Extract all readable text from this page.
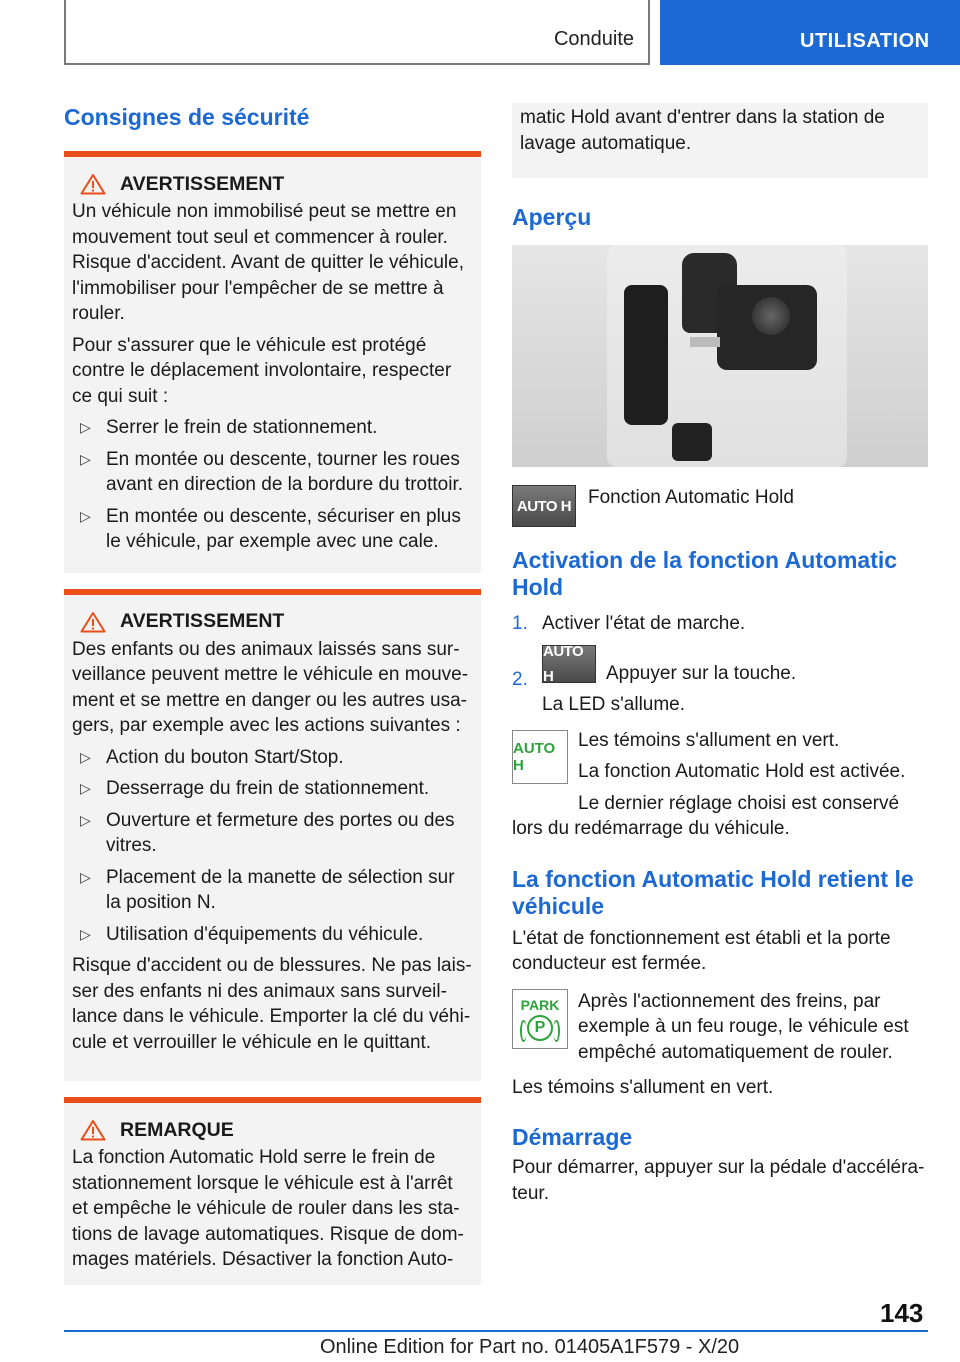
Conduite	UTILISATION
Consignes de sécurité
AVERTISSEMENT

Un véhicule non immobilisé peut se mettre en mouvement tout seul et commencer à rouler. Risque d'accident. Avant de quitter le véhicule, l'immobiliser pour l'empêcher de se mettre à rouler.

Pour s'assurer que le véhicule est protégé contre le déplacement involontaire, respecter ce qui suit :

▷ Serrer le frein de stationnement.
▷ En montée ou descente, tourner les roues avant en direction de la bordure du trottoir.
▷ En montée ou descente, sécuriser en plus le véhicule, par exemple avec une cale.
AVERTISSEMENT

Des enfants ou des animaux laissés sans surveillance peuvent mettre le véhicule en mouvement et se mettre en danger ou les autres usagers, par exemple avec les actions suivantes :

▷ Action du bouton Start/Stop.
▷ Desserrage du frein de stationnement.
▷ Ouverture et fermeture des portes ou des vitres.
▷ Placement de la manette de sélection sur la position N.
▷ Utilisation d'équipements du véhicule.

Risque d'accident ou de blessures. Ne pas laisser des enfants ni des animaux sans surveillance dans le véhicule. Emporter la clé du véhicule et verrouiller le véhicule en le quittant.

REMARQUE

La fonction Automatic Hold serre le frein de stationnement lorsque le véhicule est à l'arrêt et empêche le véhicule de rouler dans les stations de lavage automatiques. Risque de dommages matériels. Désactiver la fonction Auto-

matic Hold avant d'entrer dans la station de lavage automatique.

Aperçu
AUTO H Fonction Automatic Hold

Activation de la fonction Automatic Hold
1. Activer l'état de marche.
2.
AUTO H	Appuyer sur la touche.

La LED s'allume.

AUTO H

Les témoins s'allument en vert.

La fonction Automatic Hold est activée.

Le dernier réglage choisi est conservé lors du redémarrage du véhicule.

La fonction Automatic Hold retient le véhicule

L'état de fonctionnement est établi et la porte conducteur est fermée.

PARK
P

Après l'actionnement des freins, par exemple à un feu rouge, le véhicule est empêché automatiquement de rouler.

Les témoins s'allument en vert.

Démarrage

Pour démarrer, appuyer sur la pédale d'accélérateur.

143
Online Edition for Part no. 01405A1F579 - X/20
